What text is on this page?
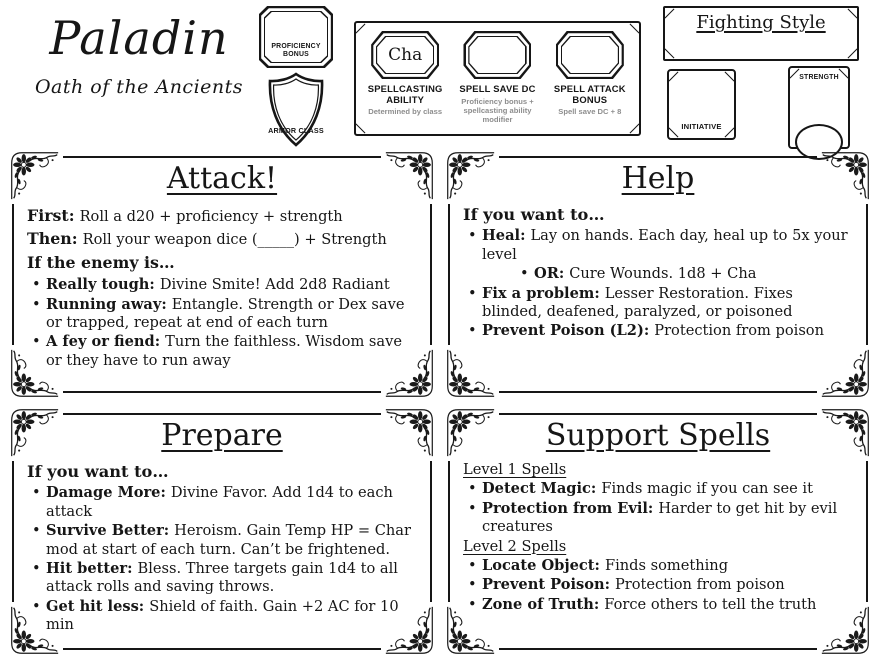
Paladin
Oath of the Ancients
PROFICIENCY BONUS
ARMOR CLASS
Cha
SPELLCASTING ABILITY
Determined by class
SPELL SAVE DC
Proficiency bonus + spellcasting ability modifier
SPELL ATTACK BONUS
Spell save DC + 8
Fighting Style
INITIATIVE
STRENGTH
Attack!

First: Roll a d20 + proficiency + strength

Then: Roll your weapon dice (_____) + Strength

If the enemy is…

• Really tough: Divine Smite! Add 2d8 Radiant
• Running away: Entangle. Strength or Dex save or trapped, repeat at end of each turn
• A fey or fiend: Turn the faithless. Wisdom save or they have to run away
Help

If you want to…

• Heal: Lay on hands. Each day, heal up to 5x your level
• OR: Cure Wounds. 1d8 + Cha
• Fix a problem: Lesser Restoration. Fixes blinded, deafened, paralyzed, or poisoned
• Prevent Poison (L2): Protection from poison
Prepare

If you want to…

• Damage More: Divine Favor. Add 1d4 to each attack
• Survive Better: Heroism. Gain Temp HP = Char mod at start of each turn. Can’t be frightened.
• Hit better: Bless. Three targets gain 1d4 to all attack rolls and saving throws.
• Get hit less: Shield of faith. Gain +2 AC for 10 min
Support Spells

Level 1 Spells

• Detect Magic: Finds magic if you can see it
• Protection from Evil: Harder to get hit by evil creatures

Level 2 Spells

• Locate Object: Finds something
• Prevent Poison: Protection from poison
• Zone of Truth: Force others to tell the truth
